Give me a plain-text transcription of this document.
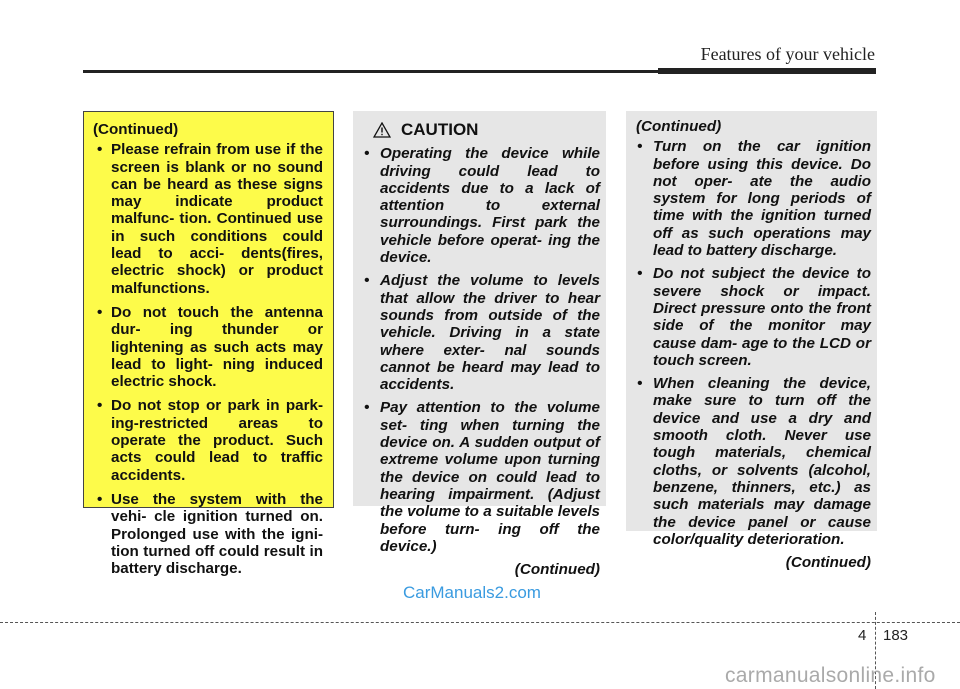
Features of your vehicle
(Continued)
• Please refrain from use if the screen is blank or no sound can be heard as these signs may indicate product malfunc- tion. Continued use in such conditions could lead to acci- dents(fires, electric shock) or product malfunctions.
• Do not touch the antenna dur- ing thunder or lightening as such acts may lead to light- ning induced electric shock.
• Do not stop or park in park- ing-restricted areas to operate the product. Such acts could lead to traffic accidents.
• Use the system with the vehi- cle ignition turned on. Prolonged use with the igni- tion turned off could result in battery discharge.
CAUTION
• Operating the device while driving could lead to accidents due to a lack of attention to external surroundings. First park the vehicle before operat- ing the device.
• Adjust the volume to levels that allow the driver to hear sounds from outside of the vehicle. Driving in a state where exter- nal sounds cannot be heard may lead to accidents.
• Pay attention to the volume set- ting when turning the device on. A sudden output of extreme volume upon turning the device on could lead to hearing impairment. (Adjust the volume to a suitable levels before turn- ing off the device.)
(Continued)
(Continued)
• Turn on the car ignition before using this device. Do not oper- ate the audio system for long periods of time with the ignition turned off as such operations may lead to battery discharge.
• Do not subject the device to severe shock or impact. Direct pressure onto the front side of the monitor may cause dam- age to the LCD or touch screen.
• When cleaning the device, make sure to turn off the device and use a dry and smooth cloth. Never use tough materials, chemical cloths, or solvents (alcohol, benzene, thinners, etc.) as such materials may damage the device panel or cause color/quality deterioration.
(Continued)
CarManuals2.com
4 183
carmanualsonline.info
